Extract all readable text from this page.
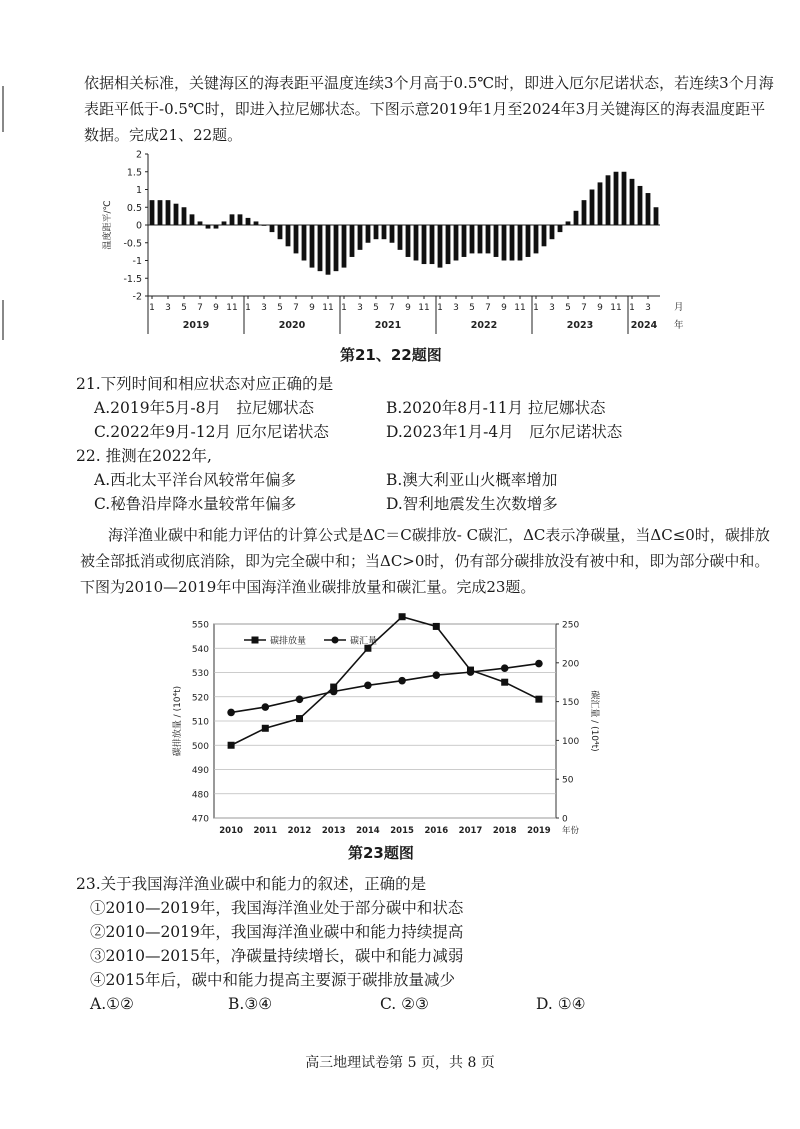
依据相关标准，关键海区的海表距平温度连续3个月高于0.5℃时，即进入厄尔尼诺状态，若连续3个月海表距平低于-0.5℃时，即进入拉尼娜状态。下图示意2019年1月至2024年3月关键海区的海表温度距平数据。完成21、22题。
2
1.5
1
0.5
0
-0.5
-1
-1.5
-2
温度距平/℃
1 3 5 7 9 11 1 3 5 7 9 11 1 3 5 7 9 11 1 3 5 7 9 11 1 3 5 7 9 11 1 3
2019	2020	2021	2022	2023	2024
月
年
第21、22题图
21.下列时间和相应状态对应正确的是
A.2019年5月-8月　拉尼娜状态	B.2020年8月-11月 拉尼娜状态
C.2022年9月-12月 厄尔尼诺状态	D.2023年1月-4月　厄尔尼诺状态
22. 推测在2022年,
A.西北太平洋台风较常年偏多	B.澳大利亚山火概率增加
C.秘鲁沿岸降水量较常年偏多	D.智利地震发生次数增多
海洋渔业碳中和能力评估的计算公式是ΔC＝C碳排放- C碳汇，ΔC表示净碳量，当ΔC≤0时，碳排放被全部抵消或彻底消除，即为完全碳中和；当ΔC>0时，仍有部分碳排放没有被中和，即为部分碳中和。下图为2010—2019年中国海洋渔业碳排放量和碳汇量。完成23题。
550
540
530
520
510
500
490
480
470
250
200
150
100
50
0
2010 2011 2012 2013 2014 2015 2016 2017 2018 2019 年份
碳排放量 / (10⁴t)	碳汇量 / (10⁴t)
碳排放量	碳汇量
第23题图
23.关于我国海洋渔业碳中和能力的叙述，正确的是
①2010—2019年，我国海洋渔业处于部分碳中和状态
②2010—2019年，我国海洋渔业碳中和能力持续提高
③2010—2015年，净碳量持续增长，碳中和能力减弱
④2015年后，碳中和能力提高主要源于碳排放量减少
A.①②	B.③④	C. ②③	D. ①④
高三地理试卷第 5 页，共 8 页
